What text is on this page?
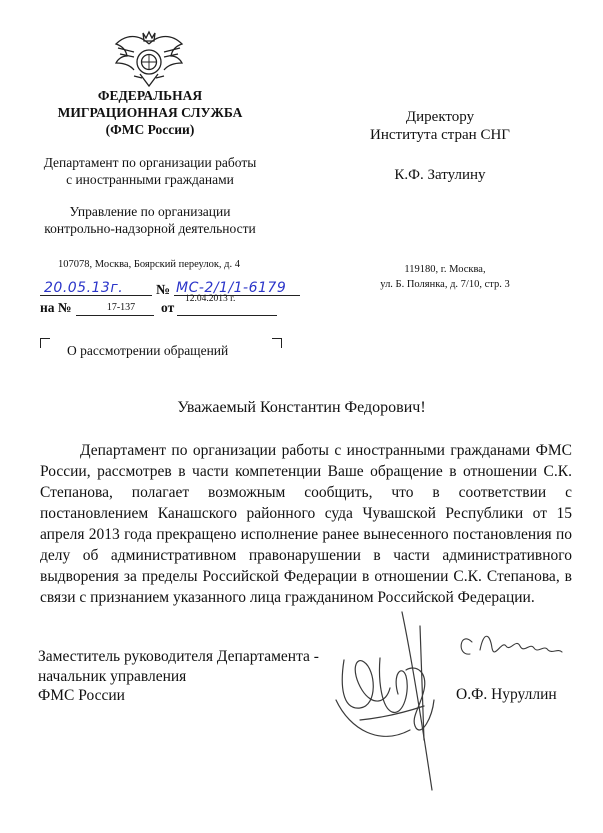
ФЕДЕРАЛЬНАЯ
МИГРАЦИОННАЯ СЛУЖБА
(ФМС России)
Департамент по организации работы
с иностранными гражданами
Управление по организации
контрольно-надзорной деятельности
107078, Москва, Боярский переулок, д. 4
20.05.13г. № МС-2/1/1-6179
на №	17-137	от
12.04.2013 г.
О рассмотрении обращений
Директору
Института стран СНГ
К.Ф. Затулину
119180, г. Москва,
ул. Б. Полянка, д. 7/10, стр. 3
Уважаемый Константин Федорович!

Департамент по организации работы с иностранными гражданами ФМС России, рассмотрев в части компетенции Ваше обращение в отношении С.К. Степанова, полагает возможным сообщить, что в соответствии с постановлением Канашского районного суда Чувашской Республики от 15 апреля 2013 года прекращено исполнение ранее вынесенного постановления по делу об административном правонарушении в части административного выдворения за пределы Российской Федерации в отношении С.К. Степанова, в связи с признанием указанного лица гражданином Российской Федерации.

Заместитель руководителя Департамента -
начальник управления
ФМС России
С уважением
О.Ф. Нуруллин
